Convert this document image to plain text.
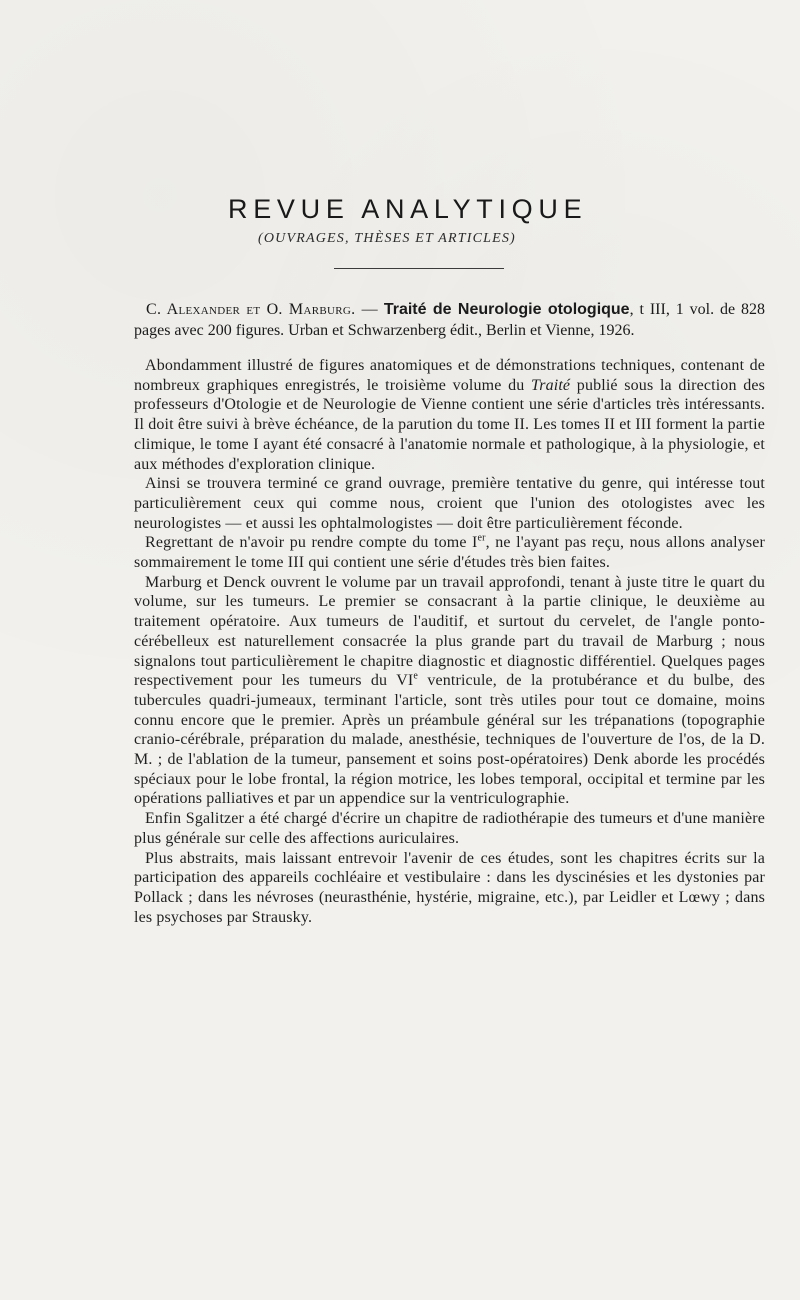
REVUE ANALYTIQUE
(OUVRAGES, THÈSES ET ARTICLES)

C. Alexander et O. Marburg. — Traité de Neurologie otologique, t III, 1 vol. de 828 pages avec 200 figures. Urban et Schwarzenberg édit., Berlin et Vienne, 1926.

Abondamment illustré de figures anatomiques et de démonstrations techniques, contenant de nombreux graphiques enregistrés, le troisième volume du Traité publié sous la direction des professeurs d'Otologie et de Neurologie de Vienne contient une série d'articles très intéressants. Il doit être suivi à brève échéance, de la parution du tome II. Les tomes II et III forment la partie climique, le tome I ayant été consacré à l'anatomie normale et pathologique, à la physiologie, et aux méthodes d'exploration clinique.

Ainsi se trouvera terminé ce grand ouvrage, première tentative du genre, qui intéresse tout particulièrement ceux qui comme nous, croient que l'union des otologistes avec les neurologistes — et aussi les ophtalmologistes — doit être particulièrement féconde.

Regrettant de n'avoir pu rendre compte du tome Ier, ne l'ayant pas reçu, nous allons analyser sommairement le tome III qui contient une série d'études très bien faites.

Marburg et Denck ouvrent le volume par un travail approfondi, tenant à juste titre le quart du volume, sur les tumeurs. Le premier se consacrant à la partie clinique, le deuxième au traitement opératoire. Aux tumeurs de l'auditif, et surtout du cervelet, de l'angle ponto-cérébelleux est naturellement consacrée la plus grande part du travail de Marburg ; nous signalons tout particulièrement le chapitre diagnostic et diagnostic différentiel. Quelques pages respectivement pour les tumeurs du VIe ventricule, de la protubérance et du bulbe, des tubercules quadri-jumeaux, terminant l'article, sont très utiles pour tout ce domaine, moins connu encore que le premier. Après un préambule général sur les trépanations (topographie cranio-cérébrale, préparation du malade, anesthésie, techniques de l'ouverture de l'os, de la D. M. ; de l'ablation de la tumeur, pansement et soins post-opératoires) Denk aborde les procédés spéciaux pour le lobe frontal, la région motrice, les lobes temporal, occipital et termine par les opérations palliatives et par un appendice sur la ventriculographie.

Enfin Sgalitzer a été chargé d'écrire un chapitre de radiothérapie des tumeurs et d'une manière plus générale sur celle des affections auriculaires.

Plus abstraits, mais laissant entrevoir l'avenir de ces études, sont les chapitres écrits sur la participation des appareils cochléaire et vestibulaire : dans les dyscinésies et les dystonies par Pollack ; dans les névroses (neurasthénie, hystérie, migraine, etc.), par Leidler et Lœwy ; dans les psychoses par Strausky.
